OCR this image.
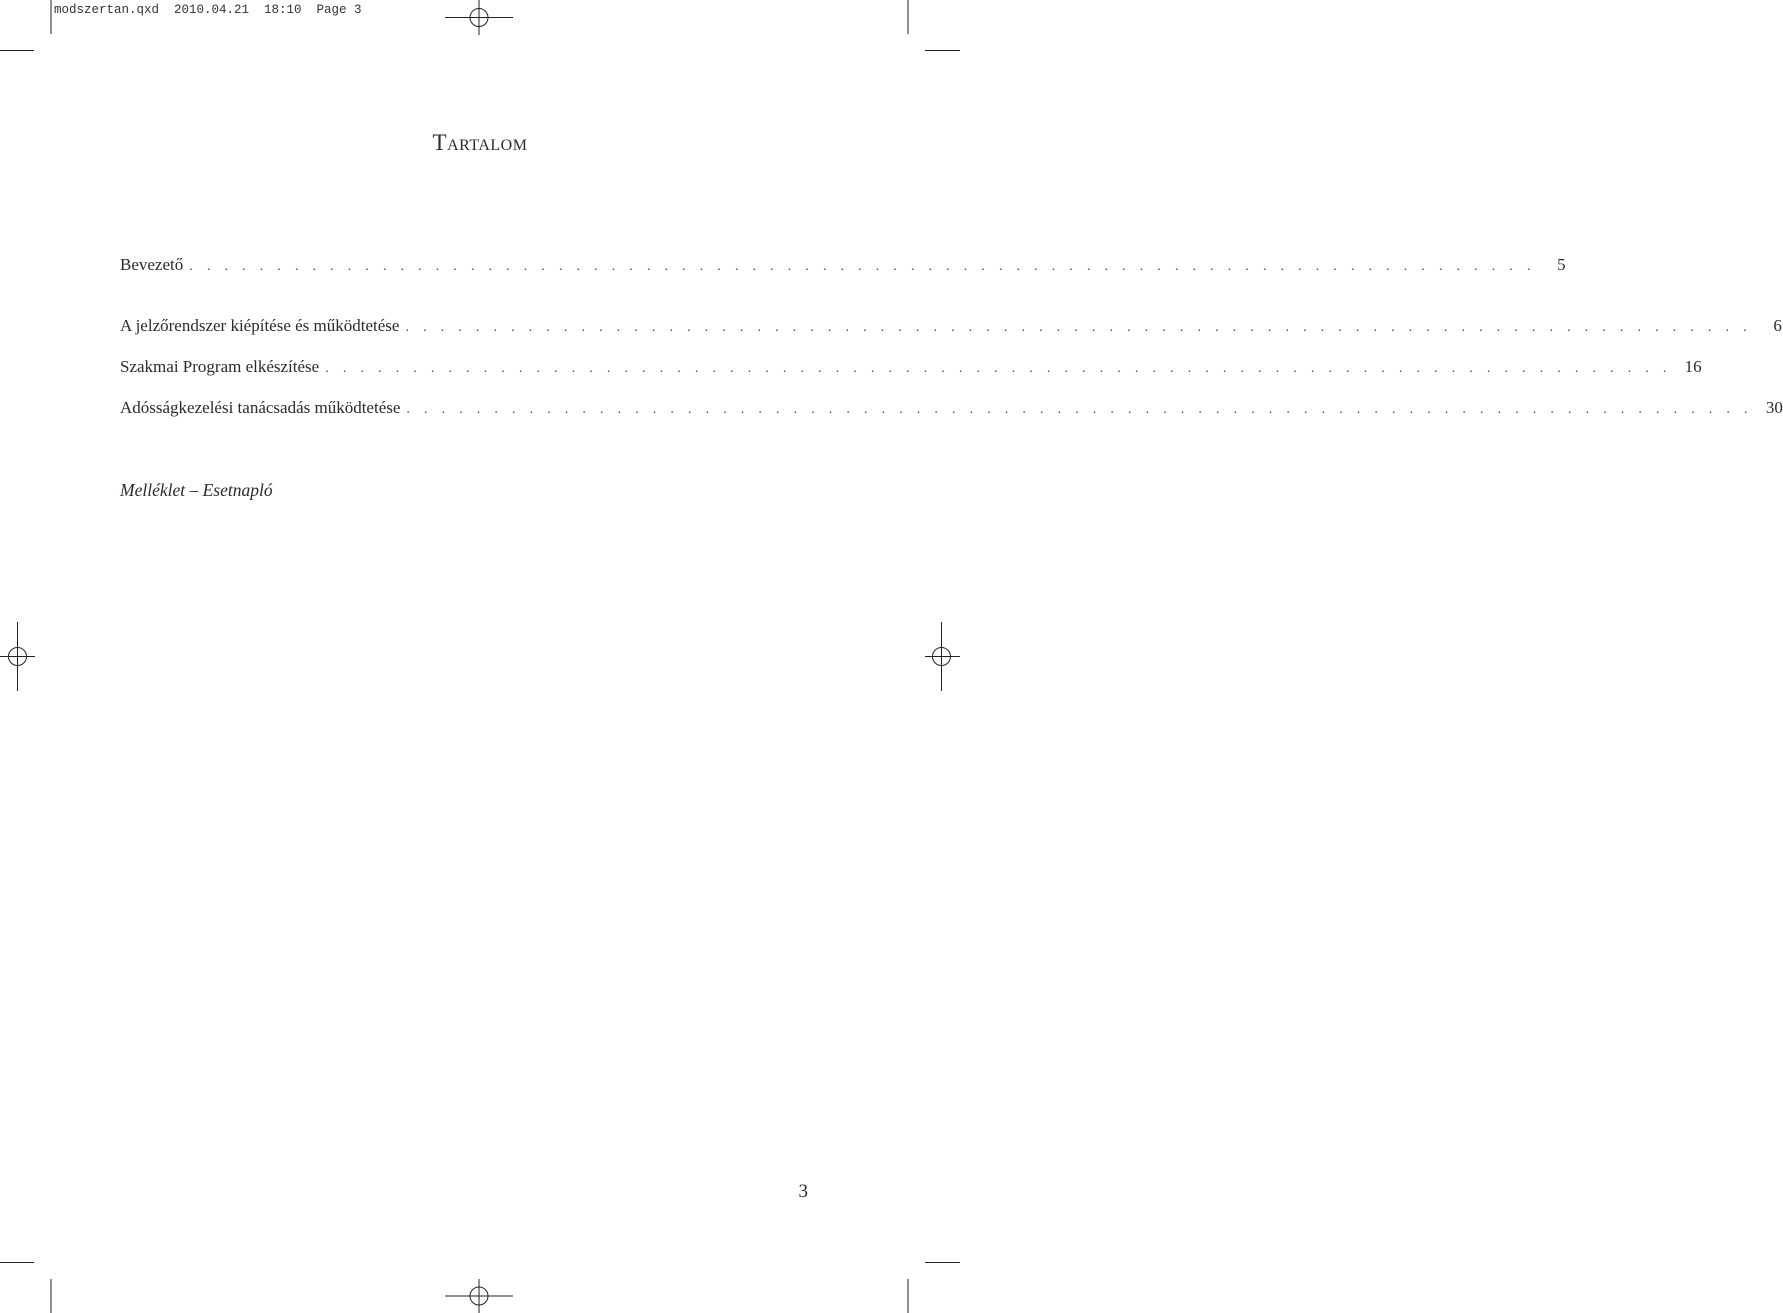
modszertan.qxd  2010.04.21  18:10  Page 3
Tartalom
Bevezető . . . . . . . . . . . . . . . . . . . . . . . . . . . . . . . . . . . . . . . . . . . . . . . . . . . . . . . . . . . . . . . . . . . . . . . . . . . . .	5
A jelzőrendszer kiépítése és működtetése . . . . . . . . . . . . . . . . . . . . . . . . . . . . . . . . . . . . . . . . . . . . . . . . . . . . . . . . . . . . . . . . . . . . . . . . . . . . .	6
Szakmai Program elkészítése . . . . . . . . . . . . . . . . . . . . . . . . . . . . . . . . . . . . . . . . . . . . . . . . . . . . . . . . . . . . . . . . . . . . . . . . . . . . . 16
Adósságkezelési tanácsadás működtetése . . . . . . . . . . . . . . . . . . . . . . . . . . . . . . . . . . . . . . . . . . . . . . . . . . . . . . . . . . . . . . . . . . . . . . . . . . . . . 30
Melléklet – Esetnapló
3
